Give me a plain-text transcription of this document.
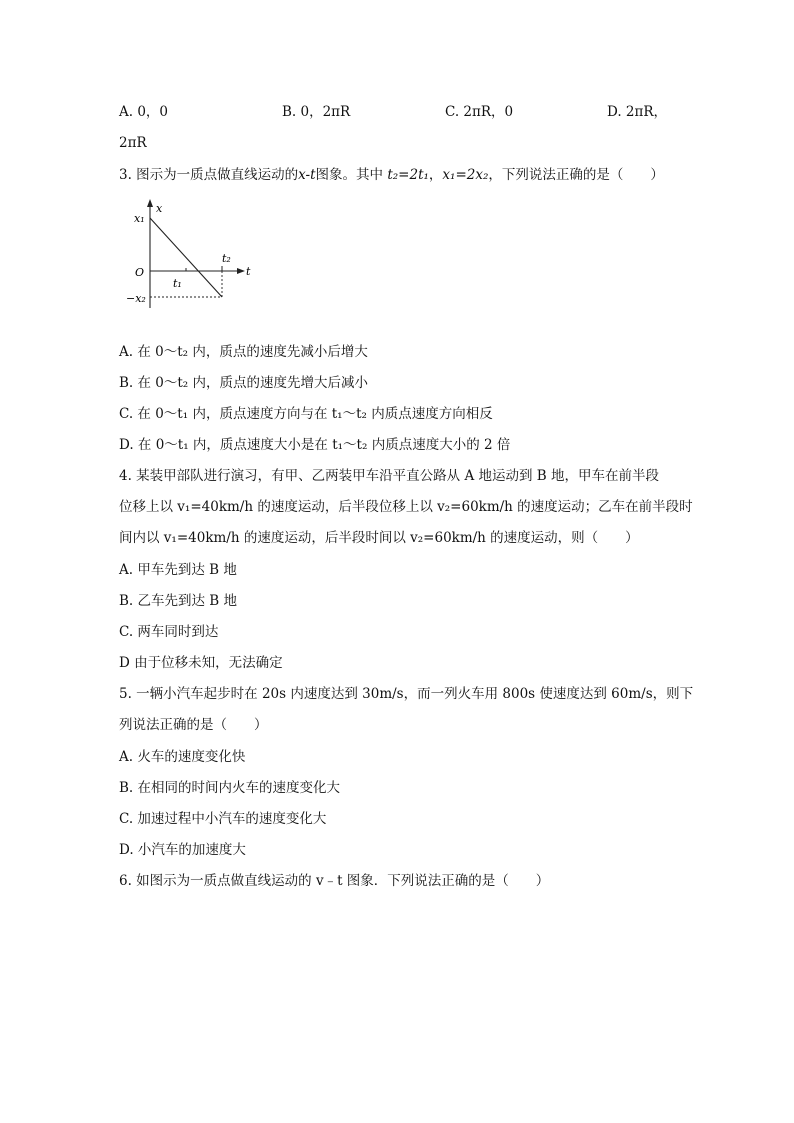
A. 0，0	B. 0，2πR	C. 2πR，0	D. 2πR，
2πR
3. 图示为一质点做直线运动的x-t图象。其中 t₂=2t₁，x₁=2x₂，下列说法正确的是（　　）
x
t
O
x₁
−x₂
t₁
t₂
A. 在 0～t₂ 内，质点的速度先减小后增大
B. 在 0～t₂ 内，质点的速度先增大后减小
C. 在 0～t₁ 内，质点速度方向与在 t₁～t₂ 内质点速度方向相反
D. 在 0～t₁ 内，质点速度大小是在 t₁～t₂ 内质点速度大小的 2 倍
4. 某装甲部队进行演习，有甲、乙两装甲车沿平直公路从 A 地运动到 B 地，甲车在前半段
位移上以 v₁=40km/h 的速度运动，后半段位移上以 v₂=60km/h 的速度运动；乙车在前半段时
间内以 v₁=40km/h 的速度运动，后半段时间以 v₂=60km/h 的速度运动，则（　　）
A. 甲车先到达 B 地
B. 乙车先到达 B 地
C. 两车同时到达
D 由于位移未知，无法确定
5. 一辆小汽车起步时在 20s 内速度达到 30m/s，而一列火车用 800s 使速度达到 60m/s，则下
列说法正确的是（　　）
A. 火车的速度变化快
B. 在相同的时间内火车的速度变化大
C. 加速过程中小汽车的速度变化大
D. 小汽车的加速度大
6. 如图示为一质点做直线运动的 v﹣t 图象．下列说法正确的是（　　）
